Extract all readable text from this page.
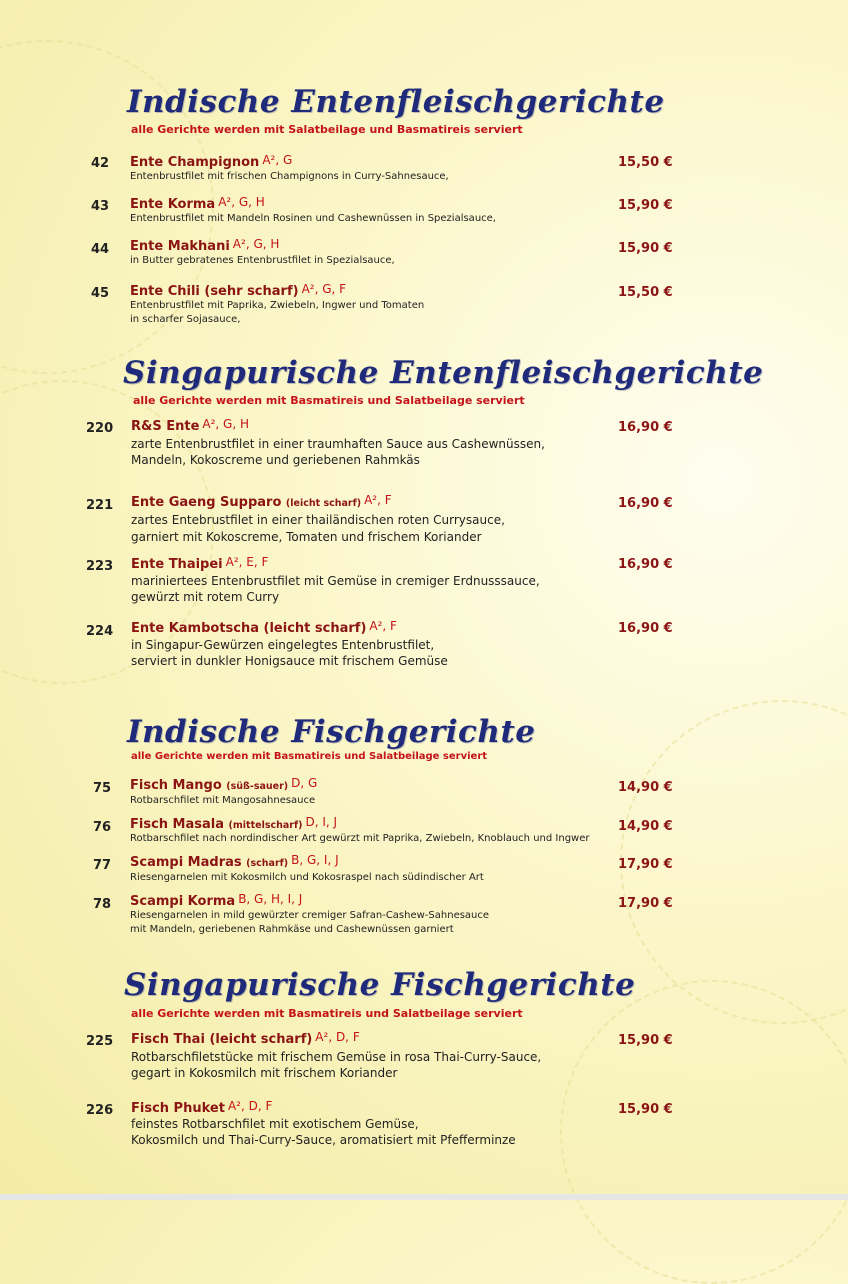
Indische Entenfleischgerichte
alle Gerichte werden mit Salatbeilage und Basmatireis serviert
42 Ente Champignon A², G
Entenbrustfilet mit frischen Champignons in Curry-Sahnesauce,
15,50 €
43 Ente Korma A², G, H
Entenbrustfilet mit Mandeln Rosinen und Cashewnüssen in Spezialsauce,
15,90 €
44 Ente Makhani A², G, H
in Butter gebratenes Entenbrustfilet in Spezialsauce,
15,90 €
45 Ente Chili (sehr scharf) A², G, F
Entenbrustfilet mit Paprika, Zwiebeln, Ingwer und Tomaten
in scharfer Sojasauce,
15,50 €
Singapurische Entenfleischgerichte
alle Gerichte werden mit Basmatireis und Salatbeilage serviert
220 R&S Ente A², G, H
zarte Entenbrustfilet in einer traumhaften Sauce aus Cashewnüssen,
Mandeln, Kokoscreme und geriebenen Rahmkäs
16,90 €
221 Ente Gaeng Supparo (leicht scharf) A², F
zartes Entebrustfilet in einer thailändischen roten Currysauce,
garniert mit Kokoscreme, Tomaten und frischem Koriander
16,90 €
223 Ente Thaipei A², E, F
mariniertees Entenbrustfilet mit Gemüse in cremiger Erdnusssauce,
gewürzt mit rotem Curry
16,90 €
224 Ente Kambotscha (leicht scharf) A², F
in Singapur-Gewürzen eingelegtes Entenbrustfilet,
serviert in dunkler Honigsauce mit frischem Gemüse
16,90 €
Indische Fischgerichte
alle Gerichte werden mit Basmatireis und Salatbeilage serviert
75 Fisch Mango (süß-sauer) D, G
Rotbarschfilet mit Mangosahnesauce
14,90 €
76 Fisch Masala (mittelscharf) D, I, J
Rotbarschfilet nach nordindischer Art gewürzt mit Paprika, Zwiebeln, Knoblauch und Ingwer
14,90 €
77 Scampi Madras (scharf) B, G, I, J
Riesengarnelen mit Kokosmilch und Kokosraspel nach südindischer Art
17,90 €
78 Scampi Korma B, G, H, I, J
Riesengarnelen in mild gewürzter cremiger Safran-Cashew-Sahnesauce
mit Mandeln, geriebenen Rahmkäse und Cashewnüssen garniert
17,90 €
Singapurische Fischgerichte
alle Gerichte werden mit Basmatireis und Salatbeilage serviert
225 Fisch Thai (leicht scharf) A², D, F
Rotbarschfiletstücke mit frischem Gemüse in rosa Thai-Curry-Sauce,
gegart in Kokosmilch mit frischem Koriander
15,90 €
226 Fisch Phuket A², D, F
feinstes Rotbarschfilet mit exotischem Gemüse,
Kokosmilch und Thai-Curry-Sauce, aromatisiert mit Pfefferminze
15,90 €
